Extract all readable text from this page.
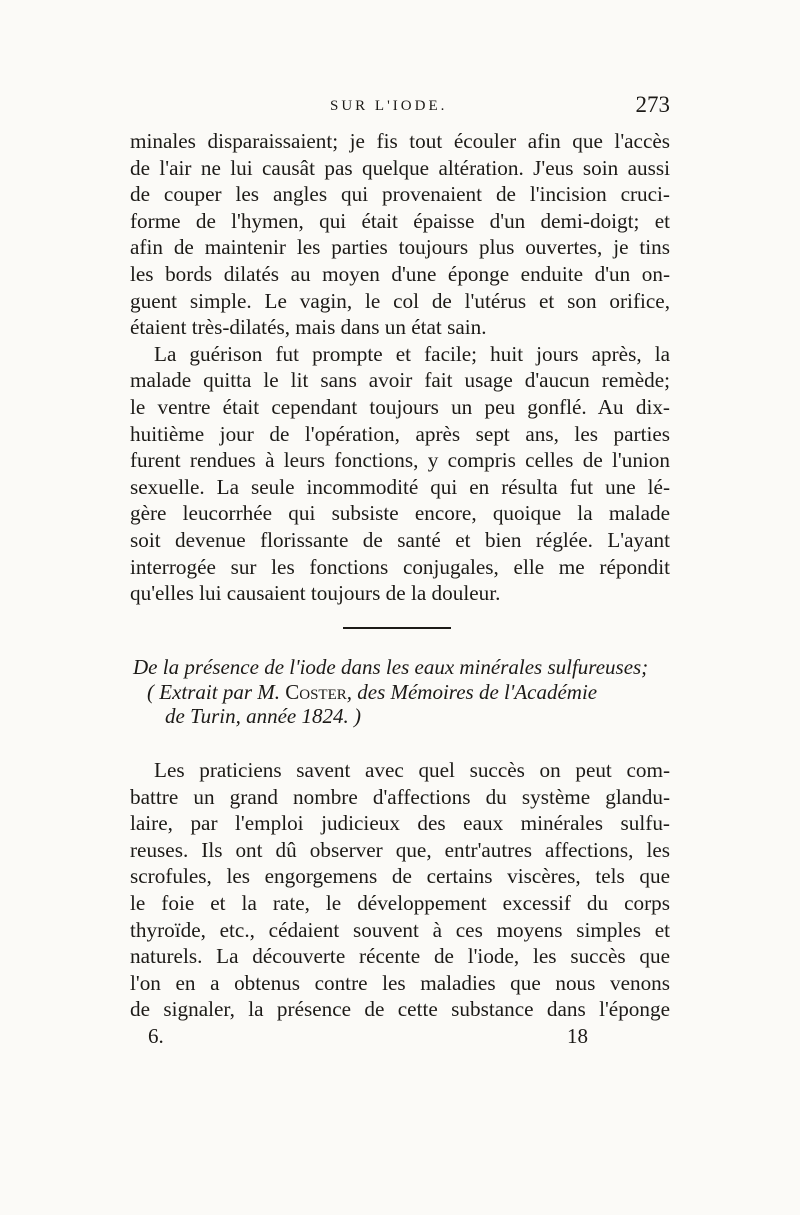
SUR L'IODE.	273
minales disparaissaient; je fis tout écouler afin que l'accès
de l'air ne lui causât pas quelque altération. J'eus soin aussi
de couper les angles qui provenaient de l'incision cruci-
forme de l'hymen, qui était épaisse d'un demi-doigt; et
afin de maintenir les parties toujours plus ouvertes, je tins
les bords dilatés au moyen d'une éponge enduite d'un on-
guent simple. Le vagin, le col de l'utérus et son orifice,
étaient très-dilatés, mais dans un état sain.
La guérison fut prompte et facile; huit jours après, la
malade quitta le lit sans avoir fait usage d'aucun remède;
le ventre était cependant toujours un peu gonflé. Au dix-
huitième jour de l'opération, après sept ans, les parties
furent rendues à leurs fonctions, y compris celles de l'union
sexuelle. La seule incommodité qui en résulta fut une lé-
gère leucorrhée qui subsiste encore, quoique la malade
soit devenue florissante de santé et bien réglée. L'ayant
interrogée sur les fonctions conjugales, elle me répondit
qu'elles lui causaient toujours de la douleur.
De la présence de l'iode dans les eaux minérales sulfureuses;
( Extrait par M. Coster, des Mémoires de l'Académie
de Turin, année 1824. )
Les praticiens savent avec quel succès on peut com-
battre un grand nombre d'affections du système glandu-
laire, par l'emploi judicieux des eaux minérales sulfu-
reuses. Ils ont dû observer que, entr'autres affections, les
scrofules, les engorgemens de certains viscères, tels que
le foie et la rate, le développement excessif du corps
thyroïde, etc., cédaient souvent à ces moyens simples et
naturels. La découverte récente de l'iode, les succès que
l'on en a obtenus contre les maladies que nous venons
de signaler, la présence de cette substance dans l'éponge
6.	18
